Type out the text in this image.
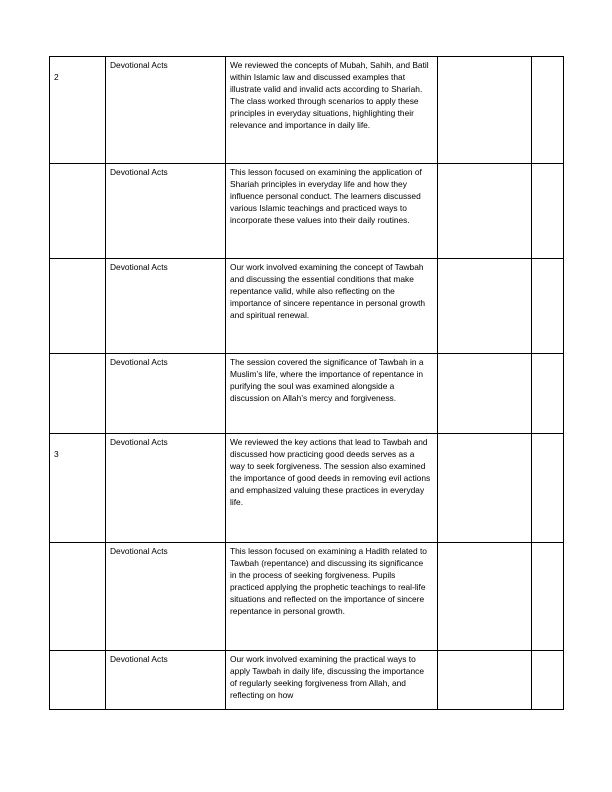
2	Devotional Acts	We reviewed the concepts of Mubah, Sahih, and Batil within Islamic law and discussed examples that illustrate valid and invalid acts according to Shariah. The class worked through scenarios to apply these principles in everyday situations, highlighting their relevance and importance in daily life.		
	Devotional Acts	This lesson focused on examining the application of Shariah principles in everyday life and how they influence personal conduct. The learners discussed various Islamic teachings and practiced ways to incorporate these values into their daily routines.		
	Devotional Acts	Our work involved examining the concept of Tawbah and discussing the essential conditions that make repentance valid, while also reflecting on the importance of sincere repentance in personal growth and spiritual renewal.		
	Devotional Acts	The session covered the significance of Tawbah in a Muslim’s life, where the importance of repentance in purifying the soul was examined alongside a discussion on Allah’s mercy and forgiveness.		
3	Devotional Acts	We reviewed the key actions that lead to Tawbah and discussed how practicing good deeds serves as a way to seek forgiveness. The session also examined the importance of good deeds in removing evil actions and emphasized valuing these practices in everyday life.		
	Devotional Acts	This lesson focused on examining a Hadith related to Tawbah (repentance) and discussing its significance in the process of seeking forgiveness. Pupils practiced applying the prophetic teachings to real-life situations and reflected on the importance of sincere repentance in personal growth.		
	Devotional Acts	Our work involved examining the practical ways to apply Tawbah in daily life, discussing the importance of regularly seeking forgiveness from Allah, and reflecting on how		
